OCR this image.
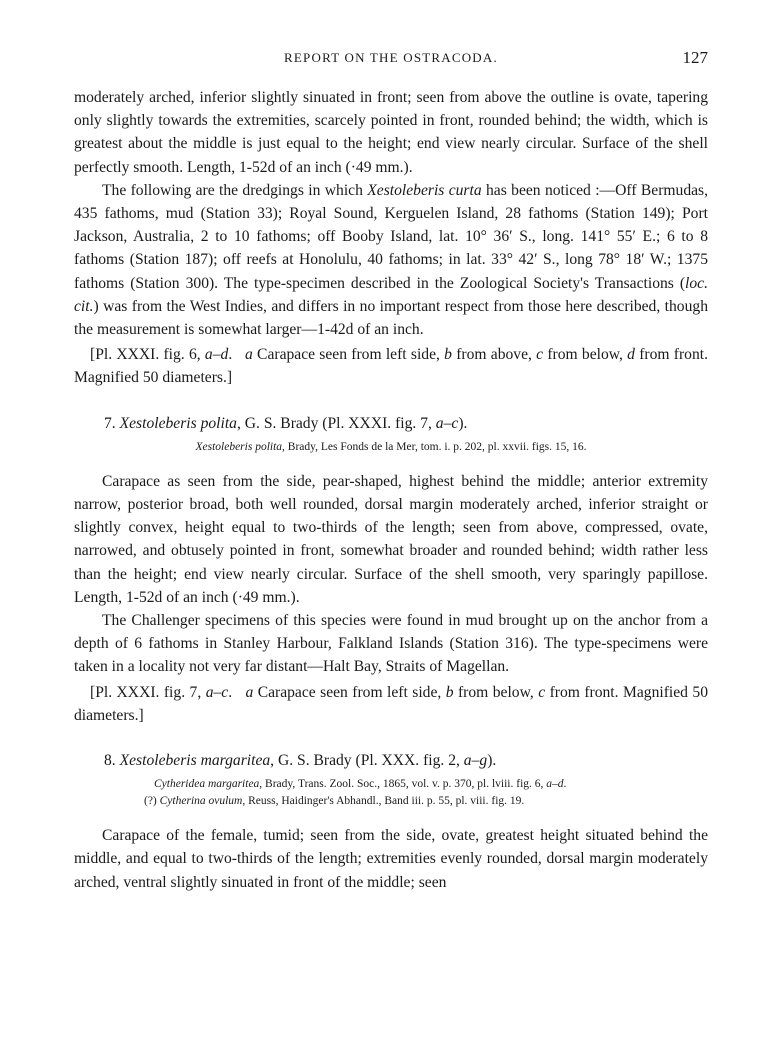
REPORT ON THE OSTRACODA.	127

moderately arched, inferior slightly sinuated in front; seen from above the outline is ovate, tapering only slightly towards the extremities, scarcely pointed in front, rounded behind; the width, which is greatest about the middle is just equal to the height; end view nearly circular. Surface of the shell perfectly smooth. Length, 1-52d of an inch (·49 mm.).

The following are the dredgings in which Xestoleberis curta has been noticed :—Off Bermudas, 435 fathoms, mud (Station 33); Royal Sound, Kerguelen Island, 28 fathoms (Station 149); Port Jackson, Australia, 2 to 10 fathoms; off Booby Island, lat. 10° 36′ S., long. 141° 55′ E.; 6 to 8 fathoms (Station 187); off reefs at Honolulu, 40 fathoms; in lat. 33° 42′ S., long 78° 18′ W.; 1375 fathoms (Station 300). The type-specimen described in the Zoological Society's Transactions (loc. cit.) was from the West Indies, and differs in no important respect from those here described, though the measurement is somewhat larger—1-42d of an inch.

[Pl. XXXI. fig. 6, a–d. a Carapace seen from left side, b from above, c from below, d from front. Magnified 50 diameters.]

7. Xestoleberis polita, G. S. Brady (Pl. XXXI. fig. 7, a–c).
Xestoleberis polita, Brady, Les Fonds de la Mer, tom. i. p. 202, pl. xxvii. figs. 15, 16.

Carapace as seen from the side, pear-shaped, highest behind the middle; anterior extremity narrow, posterior broad, both well rounded, dorsal margin moderately arched, inferior straight or slightly convex, height equal to two-thirds of the length; seen from above, compressed, ovate, narrowed, and obtusely pointed in front, somewhat broader and rounded behind; width rather less than the height; end view nearly circular. Surface of the shell smooth, very sparingly papillose. Length, 1-52d of an inch (·49 mm.).

The Challenger specimens of this species were found in mud brought up on the anchor from a depth of 6 fathoms in Stanley Harbour, Falkland Islands (Station 316). The type-specimens were taken in a locality not very far distant—Halt Bay, Straits of Magellan.

[Pl. XXXI. fig. 7, a–c.   a Carapace seen from left side, b from below, c from front. Magnified 50 diameters.]

8. Xestoleberis margaritea, G. S. Brady (Pl. XXX. fig. 2, a–g).
Cytheridea margaritea, Brady, Trans. Zool. Soc., 1865, vol. v. p. 370, pl. lviii. fig. 6, a–d.
(?) Cytherina ovulum, Reuss, Haidinger's Abhandl., Band iii. p. 55, pl. viii. fig. 19.

Carapace of the female, tumid; seen from the side, ovate, greatest height situated behind the middle, and equal to two-thirds of the length; extremities evenly rounded, dorsal margin moderately arched, ventral slightly sinuated in front of the middle; seen
